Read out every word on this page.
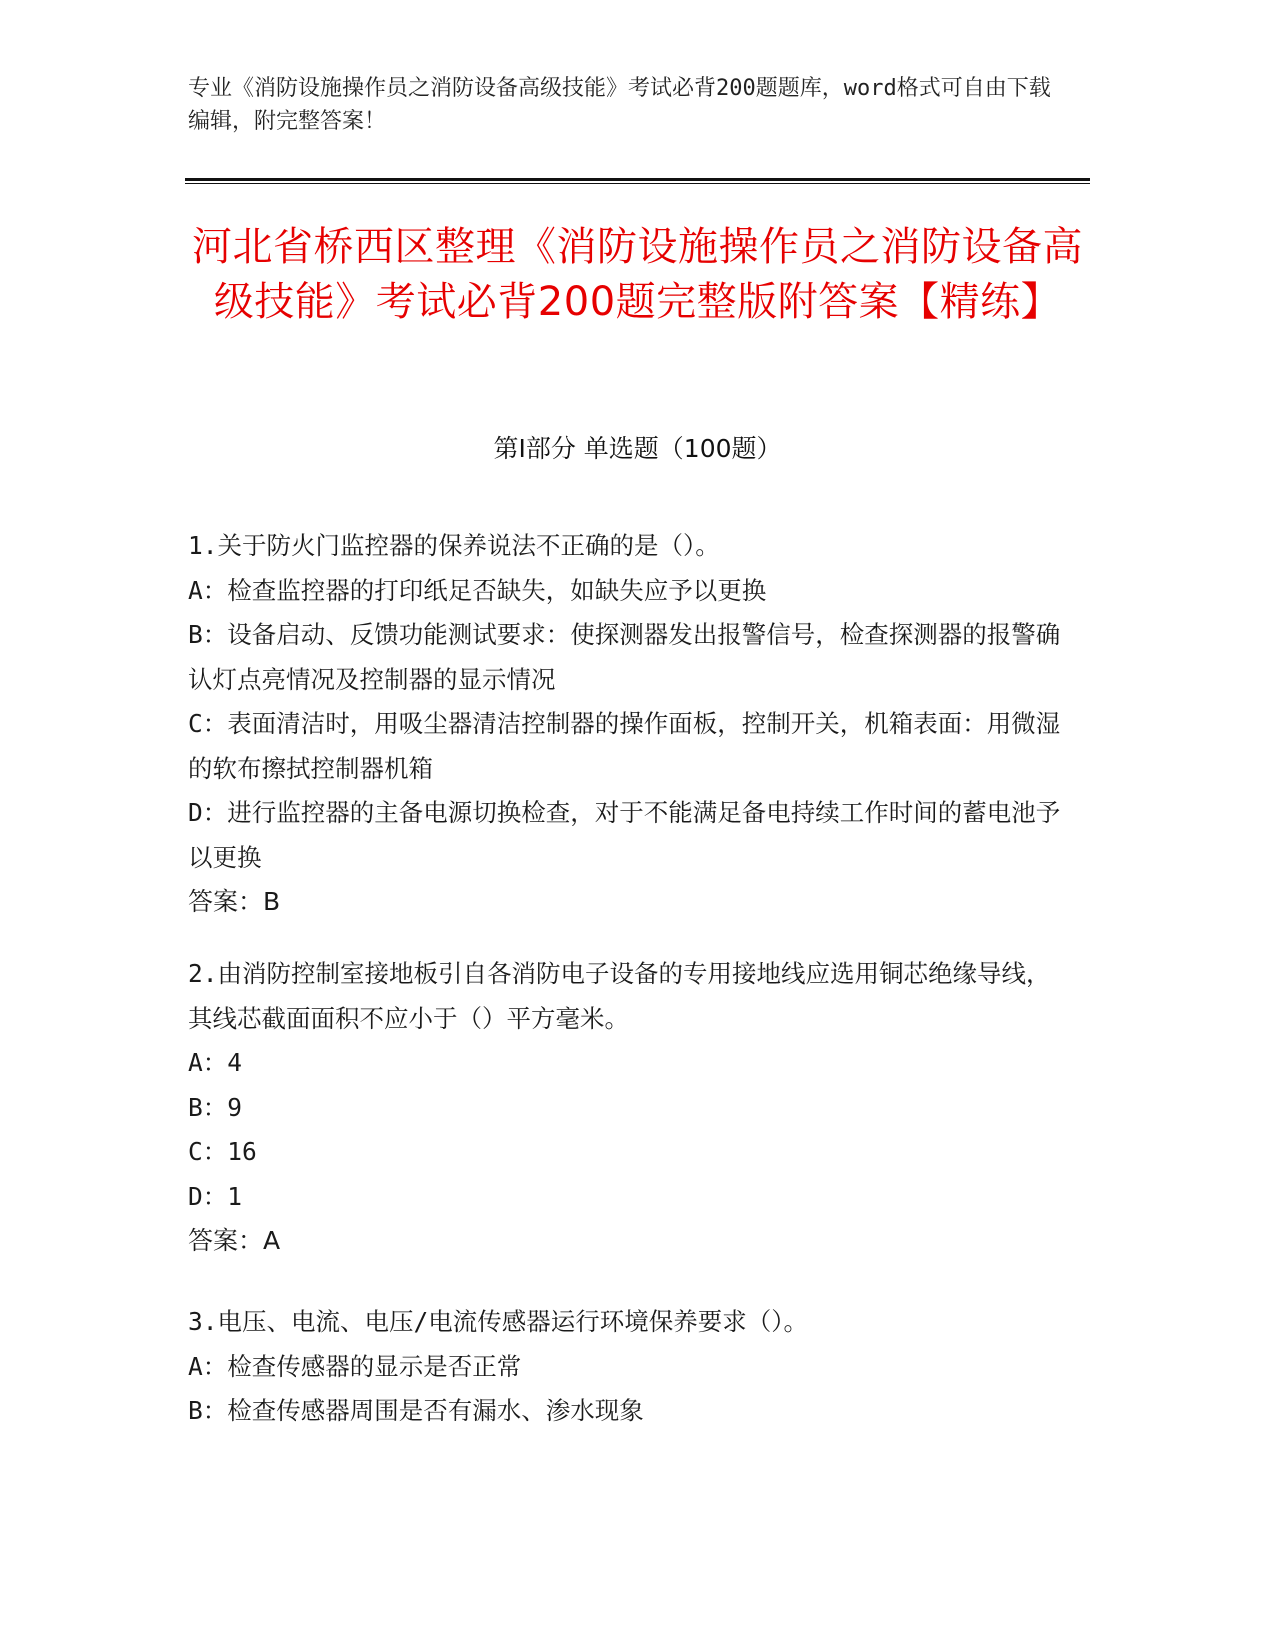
专业《消防设施操作员之消防设备高级技能》考试必背200题题库，word格式可自由下载编辑，附完整答案！
河北省桥西区整理《消防设施操作员之消防设备高级技能》考试必背200题完整版附答案【精练】
第I部分 单选题（100题）

1.关于防火门监控器的保养说法不正确的是（）。

A：检查监控器的打印纸足否缺失，如缺失应予以更换

B：设备启动、反馈功能测试要求：使探测器发出报警信号，检查探测器的报警确认灯点亮情况及控制器的显示情况

C：表面清洁时，用吸尘器清洁控制器的操作面板，控制开关，机箱表面：用微湿的软布擦拭控制器机箱

D：进行监控器的主备电源切换检查，对于不能满足备电持续工作时间的蓄电池予以更换

答案：B

2.由消防控制室接地板引自各消防电子设备的专用接地线应选用铜芯绝缘导线，其线芯截面面积不应小于（）平方毫米。

A：4

B：9

C：16

D：1

答案：A

3.电压、电流、电压/电流传感器运行环境保养要求（）。

A：检查传感器的显示是否正常

B：检查传感器周围是否有漏水、渗水现象
